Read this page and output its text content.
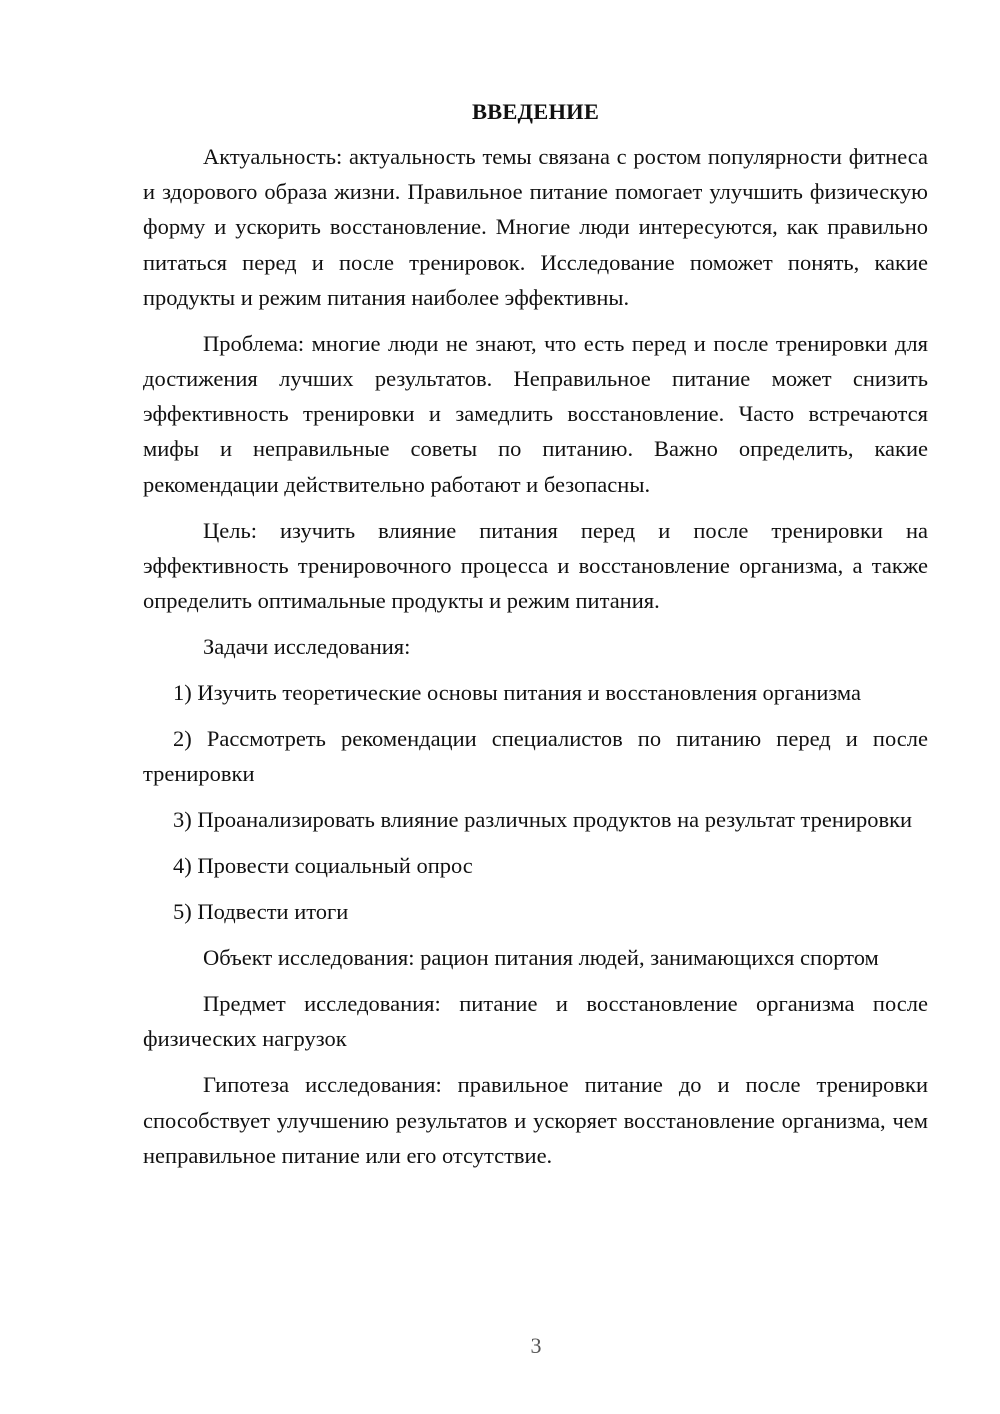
ВВЕДЕНИЕ

Актуальность: актуальность темы связана с ростом популярности фитнеса и здорового образа жизни. Правильное питание помогает улучшить физическую форму и ускорить восстановление. Многие люди интересуются, как правильно питаться перед и после тренировок. Исследование поможет понять, какие продукты и режим питания наиболее эффективны.

Проблема: многие люди не знают, что есть перед и после тренировки для достижения лучших результатов. Неправильное питание может снизить эффективность тренировки и замедлить восстановление. Часто встречаются мифы и неправильные советы по питанию. Важно определить, какие рекомендации действительно работают и безопасны.

Цель: изучить влияние питания перед и после тренировки на эффективность тренировочного процесса и восстановление организма, а также определить оптимальные продукты и режим питания.

Задачи исследования:

1) Изучить теоретические основы питания и восстановления организма

2) Рассмотреть рекомендации специалистов по питанию перед и после тренировки

3) Проанализировать влияние различных продуктов на результат тренировки

4) Провести социальный опрос

5) Подвести итоги

Объект исследования: рацион питания людей, занимающихся спортом

Предмет исследования: питание и восстановление организма после физических нагрузок

Гипотеза исследования: правильное питание до и после тренировки способствует улучшению результатов и ускоряет восстановление организма, чем неправильное питание или его отсутствие.

3
